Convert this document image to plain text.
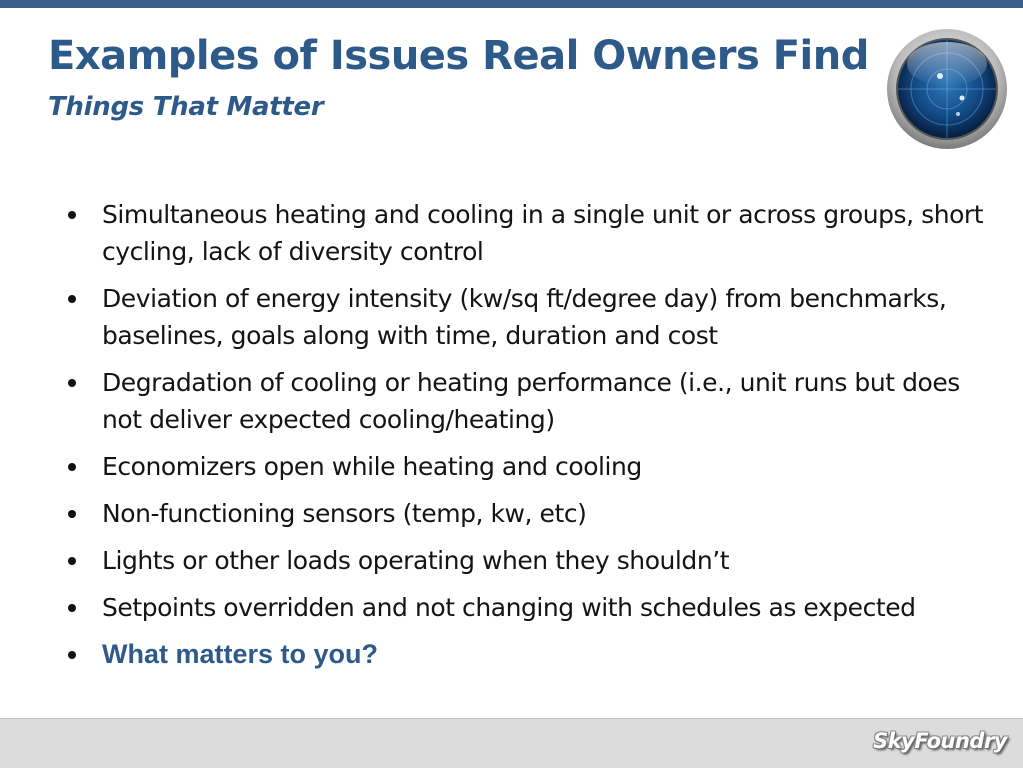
Examples of Issues Real Owners Find
Things That Matter
Simultaneous heating and cooling in a single unit or across groups, short cycling, lack of diversity control
Deviation of energy intensity (kw/sq ft/degree day) from benchmarks, baselines, goals along with time, duration and cost
Degradation of cooling or heating performance (i.e., unit runs but does not deliver expected cooling/heating)
Economizers open while heating and cooling
Non-functioning sensors (temp, kw, etc)
Lights or other loads operating when they shouldn’t
Setpoints overridden and not changing with schedules as expected
What matters to you?
SkyFoundry
